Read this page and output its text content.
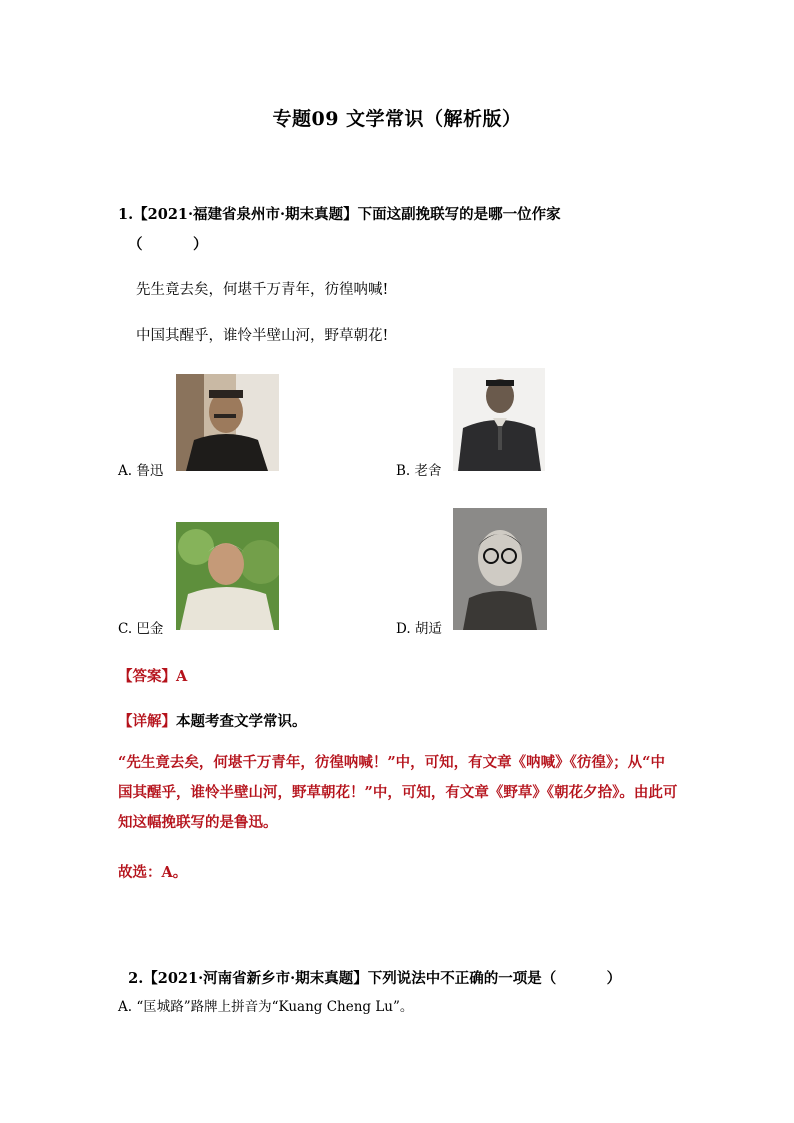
专题09 文学常识（解析版）
1.【2021·福建省泉州市·期末真题】下面这副挽联写的是哪一位作家
（          ）
先生竟去矣，何堪千万青年，彷徨呐喊!
中国其醒乎，谁怜半壁山河，野草朝花!
A. 鲁迅	B. 老舍
C. 巴金	D. 胡适
【答案】A
【详解】本题考查文学常识。
“先生竟去矣，何堪千万青年，彷徨呐喊！”中，可知，有文章《呐喊》《彷徨》；从“中国其醒乎，谁怜半壁山河，野草朝花！”中，可知，有文章《野草》《朝花夕拾》。由此可知这幅挽联写的是鲁迅。
故选：A。

2.【2021·河南省新乡市·期末真题】下列说法中不正确的一项是（          ）

A. “匡城路”路牌上拼音为“Kuang Cheng Lu”。
